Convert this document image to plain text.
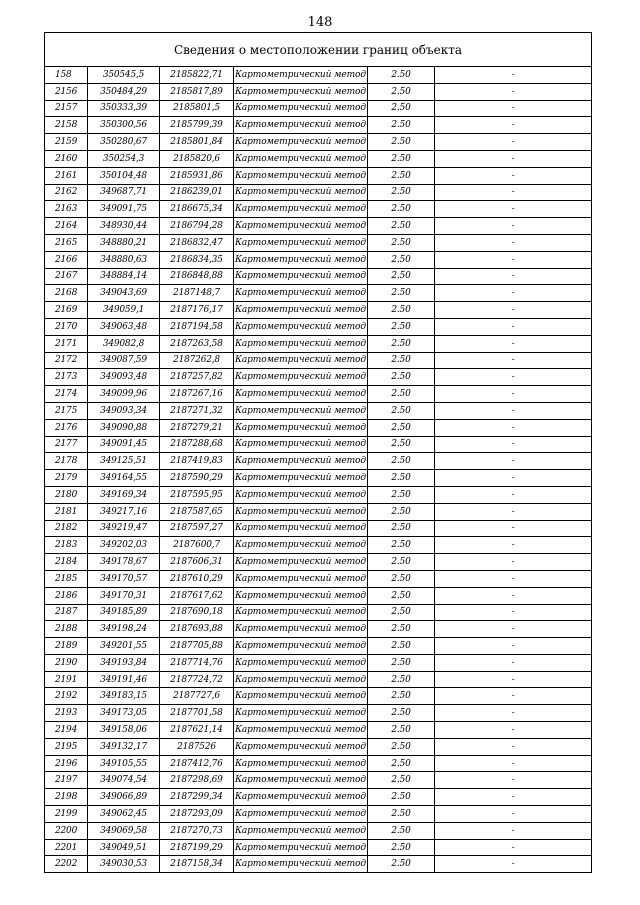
148
Сведения о местоположении границ объекта					
158	350545,5	2185822,71	Картометрический метод	2.50	-
2156	350484,29	2185817,89	Картометрический метод	2.50	-
2157	350333,39	2185801,5	Картометрический метод	2.50	-
2158	350300,56	2185799,39	Картометрический метод	2.50	-
2159	350280,67	2185801,84	Картометрический метод	2.50	-
2160	350254,3	2185820,6	Картометрический метод	2.50	-
2161	350104,48	2185931,86	Картометрический метод	2.50	-
2162	349687,71	2186239,01	Картометрический метод	2.50	-
2163	349091,75	2186675,34	Картометрический метод	2.50	-
2164	348930,44	2186794,28	Картометрический метод	2.50	-
2165	348880,21	2186832,47	Картометрический метод	2.50	-
2166	348880,63	2186834,35	Картометрический метод	2.50	-
2167	348884,14	2186848,88	Картометрический метод	2.50	-
2168	349043,69	2187148,7	Картометрический метод	2.50	-
2169	349059,1	2187176,17	Картометрический метод	2.50	-
2170	349063,48	2187194,58	Картометрический метод	2.50	-
2171	349082,8	2187263,58	Картометрический метод	2.50	-
2172	349087,59	2187262,8	Картометрический метод	2.50	-
2173	349093,48	2187257,82	Картометрический метод	2.50	-
2174	349099,96	2187267,16	Картометрический метод	2.50	-
2175	349093,34	2187271,32	Картометрический метод	2.50	-
2176	349090,88	2187279,21	Картометрический метод	2.50	-
2177	349091,45	2187288,68	Картометрический метод	2.50	-
2178	349125,51	2187419,83	Картометрический метод	2.50	-
2179	349164,55	2187590,29	Картометрический метод	2.50	-
2180	349169,34	2187595,95	Картометрический метод	2.50	-
2181	349217,16	2187587,65	Картометрический метод	2.50	-
2182	349219,47	2187597,27	Картометрический метод	2.50	-
2183	349202,03	2187600,7	Картометрический метод	2.50	-
2184	349178,67	2187606,31	Картометрический метод	2.50	-
2185	349170,57	2187610,29	Картометрический метод	2.50	-
2186	349170,31	2187617,62	Картометрический метод	2.50	-
2187	349185,89	2187690,18	Картометрический метод	2.50	-
2188	349198,24	2187693,88	Картометрический метод	2.50	-
2189	349201,55	2187705,88	Картометрический метод	2.50	-
2190	349193,84	2187714,76	Картометрический метод	2.50	-
2191	349191,46	2187724,72	Картометрический метод	2.50	-
2192	349183,15	2187727,6	Картометрический метод	2.50	-
2193	349173,05	2187701,58	Картометрический метод	2.50	-
2194	349158,06	2187621,14	Картометрический метод	2.50	-
2195	349132,17	2187526	Картометрический метод	2.50	-
2196	349105,55	2187412,76	Картометрический метод	2.50	-
2197	349074,54	2187298,69	Картометрический метод	2.50	-
2198	349066,89	2187299,34	Картометрический метод	2.50	-
2199	349062,45	2187293,09	Картометрический метод	2.50	-
2200	349069,58	2187270,73	Картометрический метод	2.50	-
2201	349049,51	2187199,29	Картометрический метод	2.50	-
2202	349030,53	2187158,34	Картометрический метод	2.50	-
